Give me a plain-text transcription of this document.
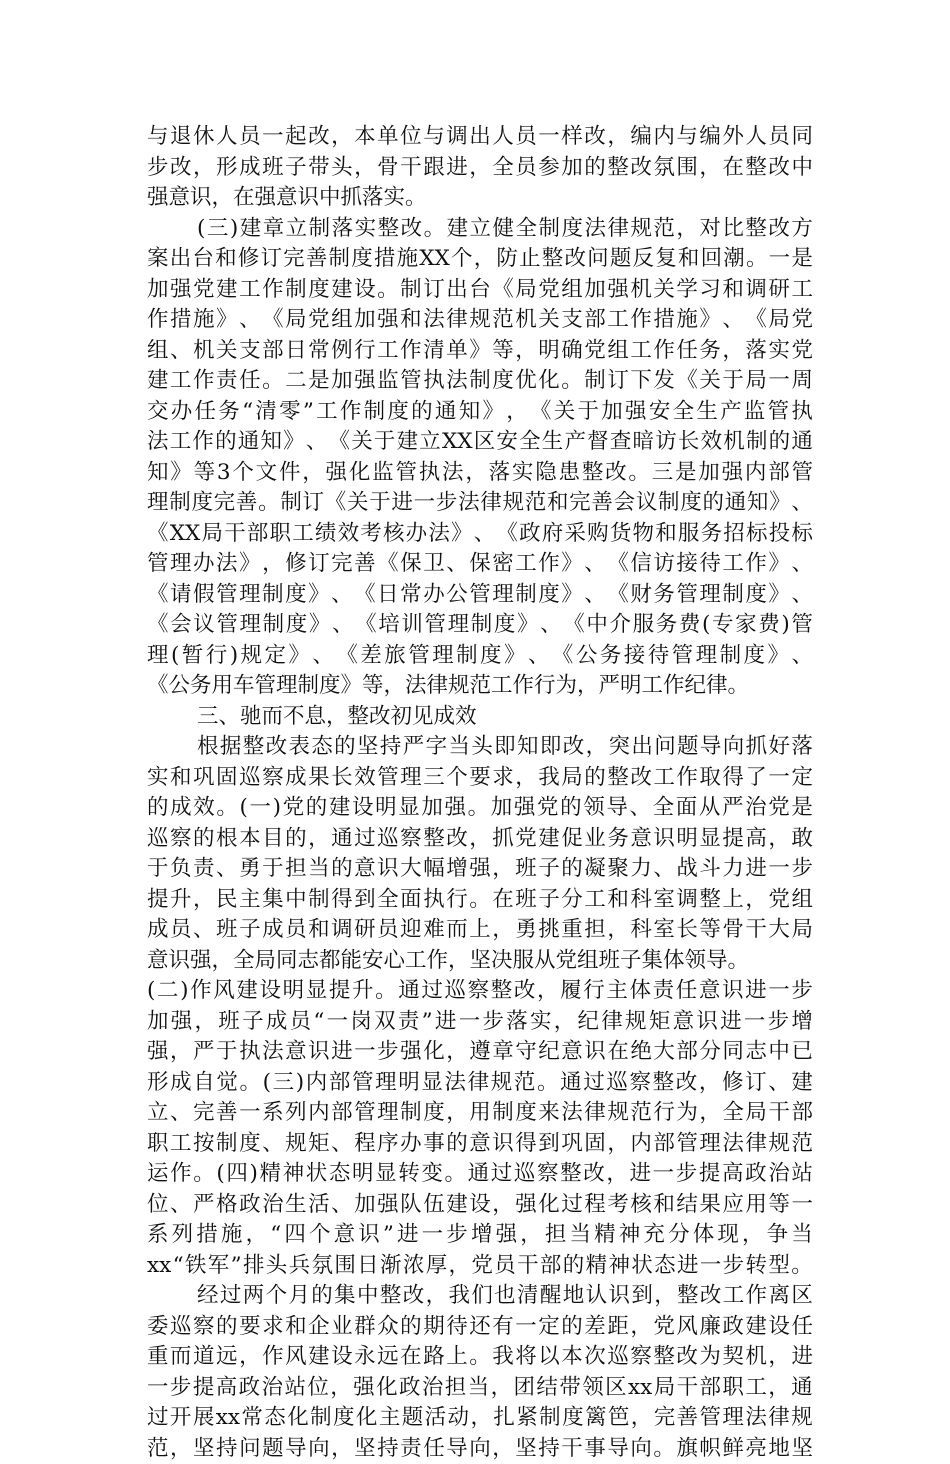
与 退 休 人 员 一 起 改 ， 本 单 位 与 调 出 人 员 一 样 改 ， 编 内 与 编 外 人 员 同
步 改 ， 形 成 班 子 带 头 ， 骨 干 跟 进 ， 全 员 参 加 的 整 改 氛 围 ， 在 整 改 中
强意识，在强意识中抓落实。
( 三 ) 建 章 立 制 落 实 整 改 。 建 立 健 全 制 度 法 律 规 范 ， 对 比 整 改 方
案 出 台 和 修 订 完 善 制 度 措 施 XX 个 ， 防 止 整 改 问 题 反 复 和 回 潮 。 一 是
加 强 党 建 工 作 制 度 建 设 。 制 订 出 台 《 局 党 组 加 强 机 关 学 习 和 调 研 工
作 措 施 》 、 《 局 党 组 加 强 和 法 律 规 范 机 关 支 部 工 作 措 施 》 、 《 局 党
组 、 机 关 支 部 日 常 例 行 工 作 清 单 》 等 ， 明 确 党 组 工 作 任 务 ， 落 实 党
建 工 作 责 任 。 二 是 加 强 监 管 执 法 制 度 优 化 。 制 订 下 发 《 关 于 局 一 周
交 办 任 务 “ 清 零 ” 工 作 制 度 的 通 知 》 ， 《 关 于 加 强 安 全 生 产 监 管 执
法 工 作 的 通 知 》 、 《 关 于 建 立 XX 区 安 全 生 产 督 查 暗 访 长 效 机 制 的 通
知 》 等 3 个 文 件 ， 强 化 监 管 执 法 ， 落 实 隐 患 整 改 。 三 是 加 强 内 部 管
理 制 度 完 善 。 制 订 《 关 于 进 一 步 法 律 规 范 和 完 善 会 议 制 度 的 通 知 》 、
《 XX 局 干 部 职 工 绩 效 考 核 办 法 》 、 《 政 府 采 购 货 物 和 服 务 招 标 投 标
管 理 办 法 》 ， 修 订 完 善 《 保 卫 、 保 密 工 作 》 、 《 信 访 接 待 工 作 》 、
《 请 假 管 理 制 度 》 、 《 日 常 办 公 管 理 制 度 》 、 《 财 务 管 理 制 度 》 、
《 会 议 管 理 制 度 》 、 《 培 训 管 理 制 度 》 、 《 中 介 服 务 费 ( 专 家 费 ) 管
理 ( 暂 行 ) 规 定 》 、 《 差 旅 管 理 制 度 》 、 《 公 务 接 待 管 理 制 度 》 、
《公务用车管理制度》等，法律规范工作行为，严明工作纪律。
三、驰而不息，整改初见成效
根 据 整 改 表 态 的 坚 持 严 字 当 头 即 知 即 改 ， 突 出 问 题 导 向 抓 好 落
实 和 巩 固 巡 察 成 果 长 效 管 理 三 个 要 求 ， 我 局 的 整 改 工 作 取 得 了 一 定
的 成 效 。 ( 一 ) 党 的 建 设 明 显 加 强 。 加 强 党 的 领 导 、 全 面 从 严 治 党 是
巡 察 的 根 本 目 的 ， 通 过 巡 察 整 改 ， 抓 党 建 促 业 务 意 识 明 显 提 高 ， 敢
于 负 责 、 勇 于 担 当 的 意 识 大 幅 增 强 ， 班 子 的 凝 聚 力 、 战 斗 力 进 一 步
提 升 ， 民 主 集 中 制 得 到 全 面 执 行 。 在 班 子 分 工 和 科 室 调 整 上 ， 党 组
成 员 、 班 子 成 员 和 调 研 员 迎 难 而 上 ， 勇 挑 重 担 ， 科 室 长 等 骨 干 大 局
意识强，全局同志都能安心工作，坚决服从党组班子集体领导。
( 二 ) 作 风 建 设 明 显 提 升 。 通 过 巡 察 整 改 ， 履 行 主 体 责 任 意 识 进 一 步
加 强 ， 班 子 成 员 “ 一 岗 双 责 ” 进 一 步 落 实 ， 纪 律 规 矩 意 识 进 一 步 增
强 ， 严 于 执 法 意 识 进 一 步 强 化 ， 遵 章 守 纪 意 识 在 绝 大 部 分 同 志 中 已
形 成 自 觉 。 ( 三 ) 内 部 管 理 明 显 法 律 规 范 。 通 过 巡 察 整 改 ， 修 订 、 建
立 、 完 善 一 系 列 内 部 管 理 制 度 ， 用 制 度 来 法 律 规 范 行 为 ， 全 局 干 部
职 工 按 制 度 、 规 矩 、 程 序 办 事 的 意 识 得 到 巩 固 ， 内 部 管 理 法 律 规 范
运 作 。 ( 四 ) 精 神 状 态 明 显 转 变 。 通 过 巡 察 整 改 ， 进 一 步 提 高 政 治 站
位 、 严 格 政 治 生 活 、 加 强 队 伍 建 设 ， 强 化 过 程 考 核 和 结 果 应 用 等 一
系 列 措 施 ， “ 四 个 意 识 ” 进 一 步 增 强 ， 担 当 精 神 充 分 体 现 ， 争 当
xx “ 铁 军 ” 排 头 兵 氛 围 日 渐 浓 厚 ， 党 员 干 部 的 精 神 状 态 进 一 步 转 型 。
经 过 两 个 月 的 集 中 整 改 ， 我 们 也 清 醒 地 认 识 到 ， 整 改 工 作 离 区
委 巡 察 的 要 求 和 企 业 群 众 的 期 待 还 有 一 定 的 差 距 ， 党 风 廉 政 建 设 任
重 而 道 远 ， 作 风 建 设 永 远 在 路 上 。 我 将 以 本 次 巡 察 整 改 为 契 机 ， 进
一 步 提 高 政 治 站 位 ， 强 化 政 治 担 当 ， 团 结 带 领 区 xx 局 干 部 职 工 ， 通
过 开 展 xx 常 态 化 制 度 化 主 题 活 动 ， 扎 紧 制 度 篱 笆 ， 完 善 管 理 法 律 规
范 ， 坚 持 问 题 导 向 ， 坚 持 责 任 导 向 ， 坚 持 干 事 导 向 。 旗 帜 鲜 亮 地 坚
